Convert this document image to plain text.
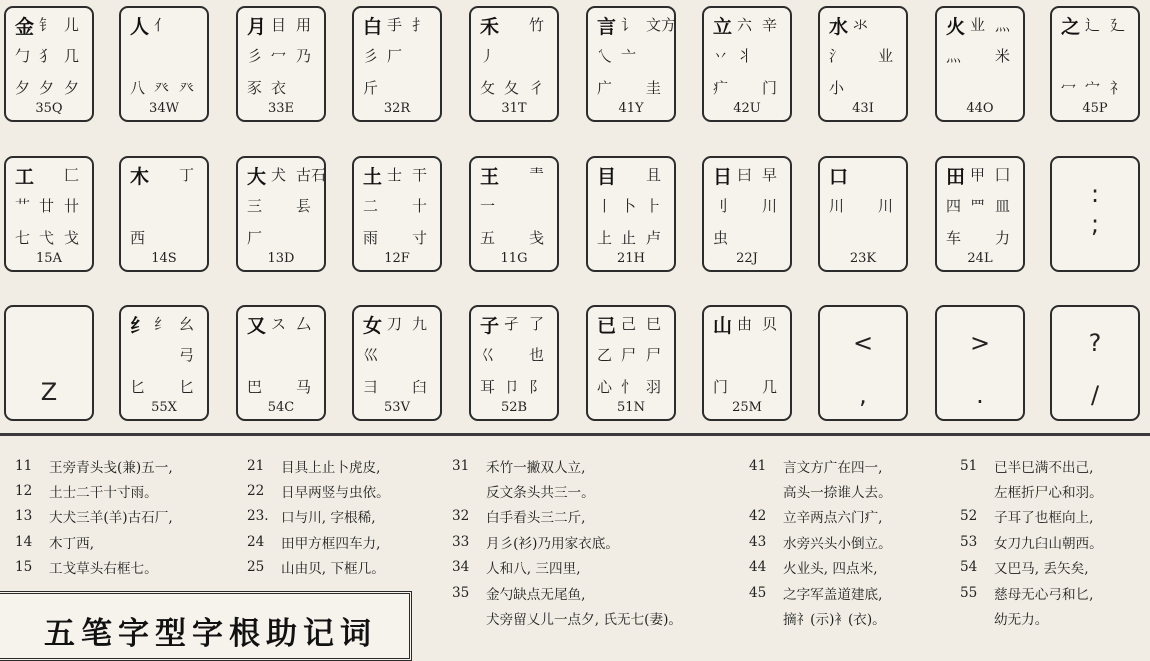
金 钅 儿
勹 犭 几
夕 夕 夕
35Q
人 亻
八 癶 癶
34W
月 目 用
彡 冖 乃
豕 衣
33E
白 手 扌
彡 厂
斤
32R
禾 竹
丿
攵 夂 彳
31T
言 讠 文方
乀 亠
广 圭
41Y
立 六 辛
丷 丬
疒 门
42U
水 氺
氵 业
小
43I
火 业 灬
灬 米
44O
之 辶 廴
冖 宀 礻
45P
工 匚
艹 廿 卄
七 弋 戈
15A
木 丁
西
14S
大 犬 古石
三 镸
厂
13D
土 士 干
二 十
雨 寸
12F
王 龶
一
五 戋
11G
目 且
丨 卜 ⺊
上 止 卢
21H
日 曰 早
刂 川
虫
22J
口
川 川
23K
田 甲 囗
四 罒 皿
车 力
24L
:
;
Z
纟 纟 幺
弓
匕 匕
55X
又 ス 厶
巴 马
54C
女 刀 九
巛
彐 臼
53V
子 孑 了
巜 也
耳 卩 阝
52B
已 己 巳
乙 尸 尸
心 忄 羽
51N
山 由 贝
门 几
25M
<
,
>
.
?
/
11	王旁青头戋(兼)五一,
12	土士二干十寸雨。
13	大犬三羊(羊)古石厂,
14	木丁西,
15	工戈草头右框七。
21	目具上止卜虎皮,
22	日早两竖与虫依。
23. 口与川, 字根稀,
24	田甲方框四车力,
25	山由贝, 下框几。
31	禾竹一撇双人立,
反文条头共三一。
32	白手看头三二斤,
33	月彡(衫)乃用家衣底。
34	人和八, 三四里,
35	金勺缺点无尾鱼,
犬旁留乂儿一点夕, 氏无七(妻)。
41	言文方广在四一,
高头一捺谁人去。
42	立辛两点六门疒,
43	水旁兴头小倒立。
44	火业头, 四点米,
45	之字军盖道建底,
摘礻(示)衤(衣)。
51	已半巳满不出己,
左框折尸心和羽。
52	子耳了也框向上,
53	女刀九臼山朝西。
54	又巴马, 丢矢矣,
55	慈母无心弓和匕,
幼无力。
五笔字型字根助记词
